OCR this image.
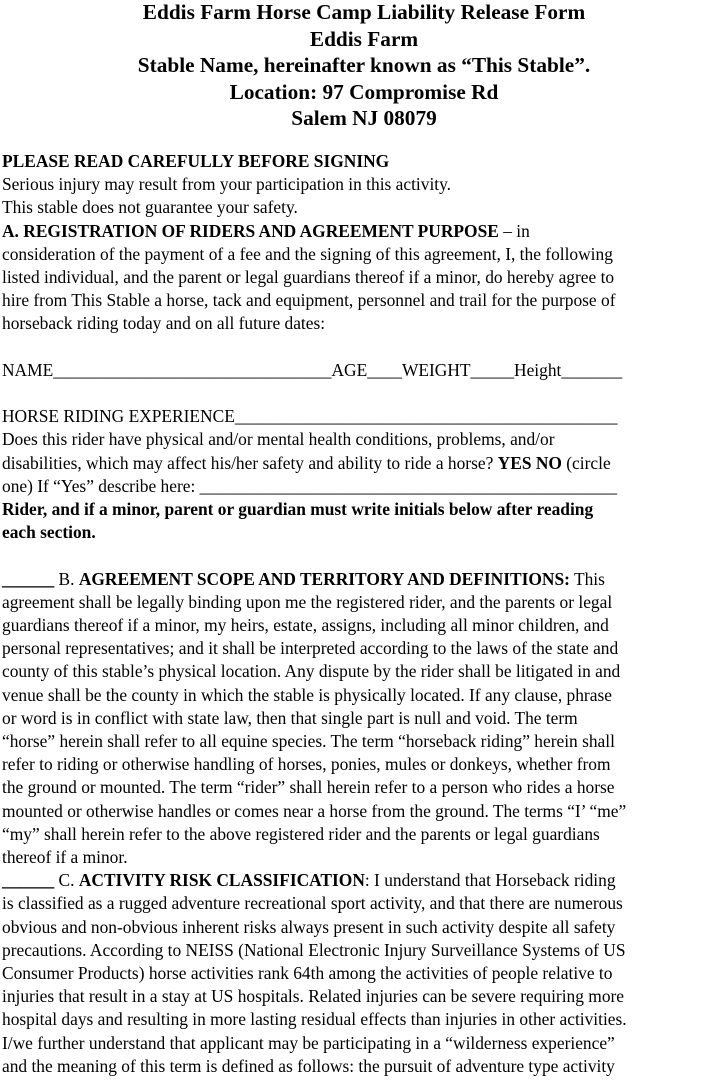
Eddis Farm Horse Camp Liability Release Form
Eddis Farm
Stable Name, hereinafter known as “This Stable”.
Location: 97 Compromise Rd
Salem NJ 08079
PLEASE READ CAREFULLY BEFORE SIGNING
Serious injury may result from your participation in this activity.
This stable does not guarantee your safety.
A. REGISTRATION OF RIDERS AND AGREEMENT PURPOSE – in
consideration of the payment of a fee and the signing of this agreement, I, the following
listed individual, and the parent or legal guardians thereof if a minor, do hereby agree to
hire from This Stable a horse, tack and equipment, personnel and trail for the purpose of
horseback riding today and on all future dates:
NAME________________________________AGE____WEIGHT_____Height_______
HORSE RIDING EXPERIENCE____________________________________________
Does this rider have physical and/or mental health conditions, problems, and/or
disabilities, which may affect his/her safety and ability to ride a horse? YES NO (circle
one) If “Yes” describe here: ________________________________________________
Rider, and if a minor, parent or guardian must write initials below after reading
each section.
______ B. AGREEMENT SCOPE AND TERRITORY AND DEFINITIONS: This
agreement shall be legally binding upon me the registered rider, and the parents or legal
guardians thereof if a minor, my heirs, estate, assigns, including all minor children, and
personal representatives; and it shall be interpreted according to the laws of the state and
county of this stable’s physical location. Any dispute by the rider shall be litigated in and
venue shall be the county in which the stable is physically located. If any clause, phrase
or word is in conflict with state law, then that single part is null and void. The term
“horse” herein shall refer to all equine species. The term “horseback riding” herein shall
refer to riding or otherwise handling of horses, ponies, mules or donkeys, whether from
the ground or mounted. The term “rider” shall herein refer to a person who rides a horse
mounted or otherwise handles or comes near a horse from the ground. The terms “I’ “me”
“my” shall herein refer to the above registered rider and the parents or legal guardians
thereof if a minor.
______ C. ACTIVITY RISK CLASSIFICATION: I understand that Horseback riding
is classified as a rugged adventure recreational sport activity, and that there are numerous
obvious and non-obvious inherent risks always present in such activity despite all safety
precautions. According to NEISS (National Electronic Injury Surveillance Systems of US
Consumer Products) horse activities rank 64th among the activities of people relative to
injuries that result in a stay at US hospitals. Related injuries can be severe requiring more
hospital days and resulting in more lasting residual effects than injuries in other activities.
I/we further understand that applicant may be participating in a “wilderness experience”
and the meaning of this term is defined as follows: the pursuit of adventure type activity
